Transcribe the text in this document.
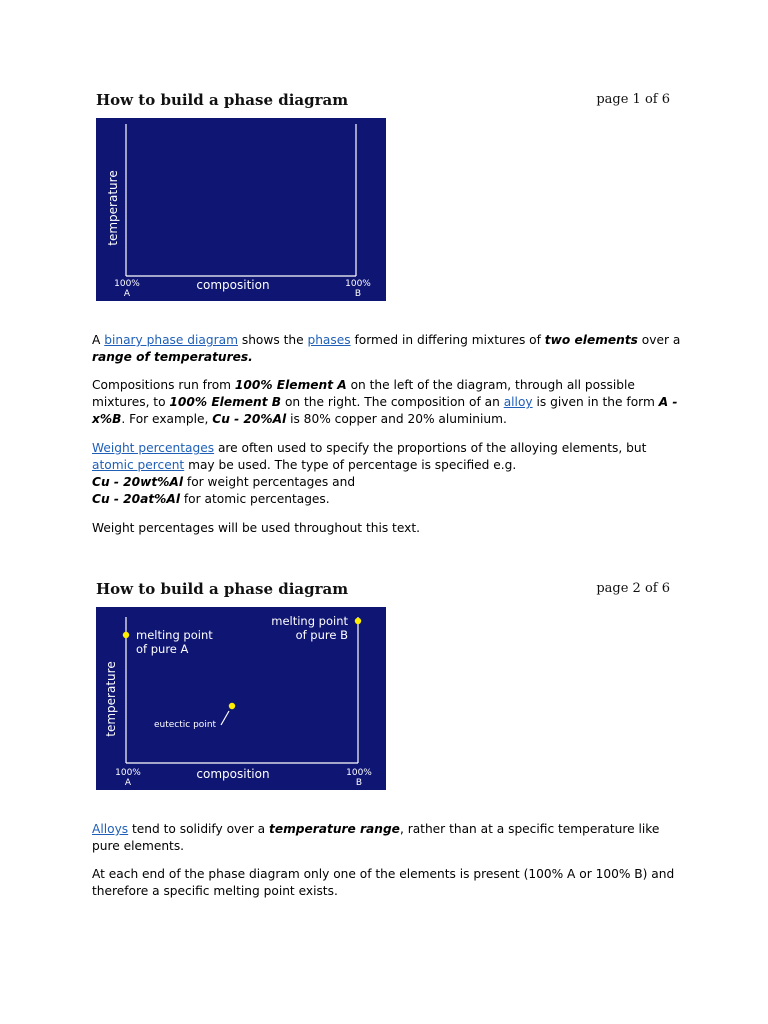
How to build a phase diagram	page 1 of 6
temperature
composition
100%
A
100%
B

A binary phase diagram shows the phases formed in differing mixtures of two elements over a range of temperatures.

Compositions run from 100% Element A on the left of the diagram, through all possible mixtures, to 100% Element B on the right. The composition of an alloy is given in the form A - x%B. For example, Cu - 20%Al is 80% copper and 20% aluminium.

Weight percentages are often used to specify the proportions of the alloying elements, but atomic percent may be used. The type of percentage is specified e.g.
Cu - 20wt%Al for weight percentages and
Cu - 20at%Al for atomic percentages.

Weight percentages will be used throughout this text.

How to build a phase diagram	page 2 of 6
temperature
composition
100%
A
100%
B
melting point
of pure A
melting point
of pure B
eutectic point

Alloys tend to solidify over a temperature range, rather than at a specific temperature like pure elements.

At each end of the phase diagram only one of the elements is present (100% A or 100% B) and therefore a specific melting point exists.
